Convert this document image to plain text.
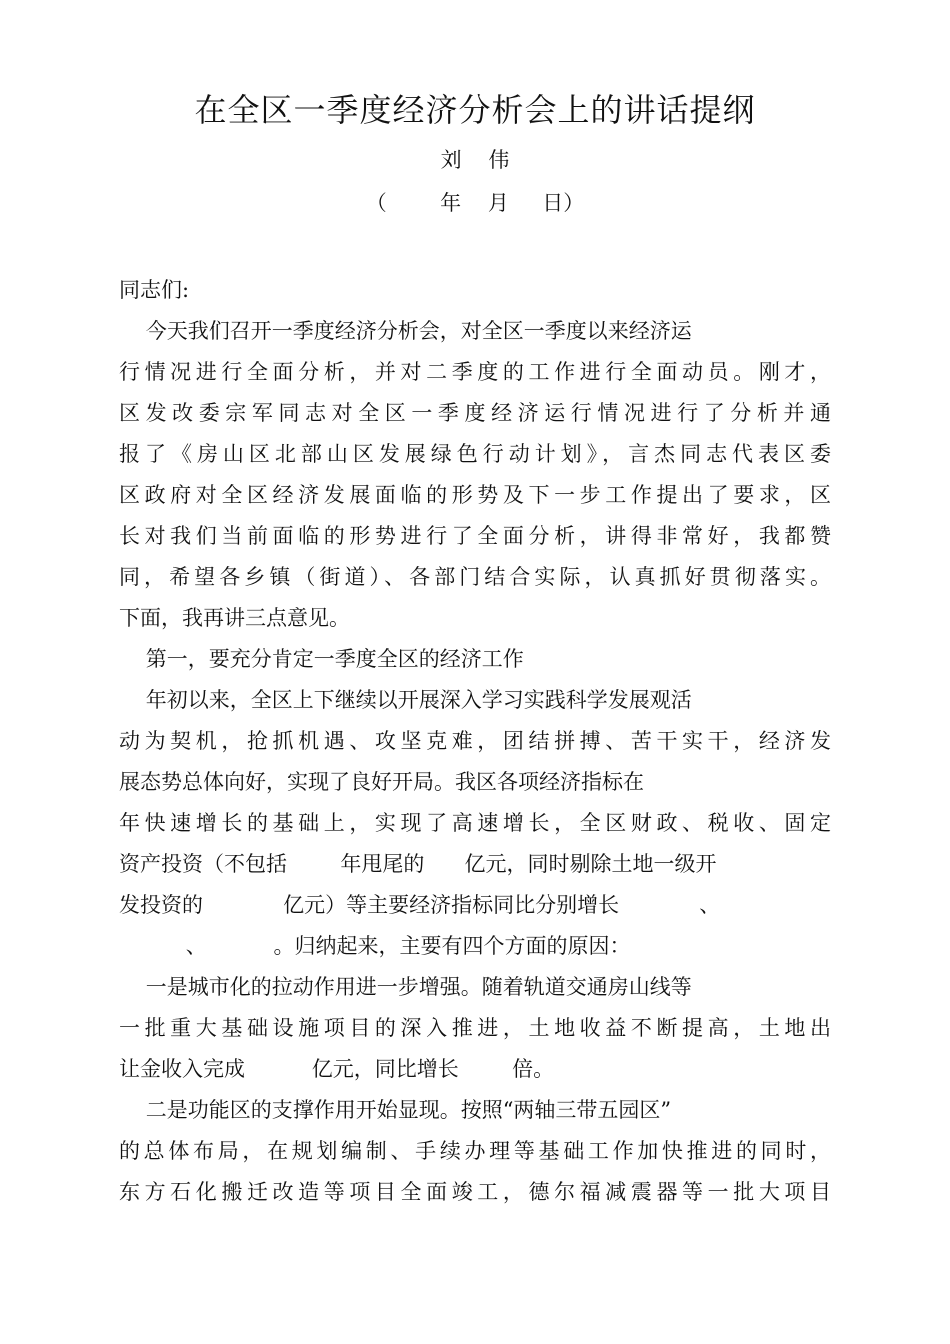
在全区一季度经济分析会上的讲话提纲
刘    伟
（        年    月     日）
同志们:
今天我们召开一季度经济分析会，对全区一季度以来经济运
行情况进行全面分析，并对二季度的工作进行全面动员。刚才，
区发改委宗军同志对全区一季度经济运行情况进行了分析并通
报了《房山区北部山区发展绿色行动计划》，言杰同志代表区委
区政府对全区经济发展面临的形势及下一步工作提出了要求，区
长对我们当前面临的形势进行了全面分析，讲得非常好，我都赞
同，希望各乡镇（街道）、各部门结合实际，认真抓好贯彻落实。
下面，我再讲三点意见。
第一，要充分肯定一季度全区的经济工作
年初以来，全区上下继续以开展深入学习实践科学发展观活
动为契机，抢抓机遇、攻坚克难，团结拼搏、苦干实干，经济发
展态势总体向好，实现了良好开局。我区各项经济指标在
年快速增长的基础上，实现了高速增长，全区财政、税收、固定
资产投资（不包括        年甩尾的      亿元，同时剔除土地一级开
发投资的            亿元）等主要经济指标同比分别增长            、
、          。归纳起来，主要有四个方面的原因：
一是城市化的拉动作用进一步增强。随着轨道交通房山线等
一批重大基础设施项目的深入推进，土地收益不断提高，土地出
让金收入完成          亿元，同比增长        倍。
二是功能区的支撑作用开始显现。按照“两轴三带五园区”
的总体布局，在规划编制、手续办理等基础工作加快推进的同时，
东方石化搬迁改造等项目全面竣工，德尔福减震器等一批大项目
